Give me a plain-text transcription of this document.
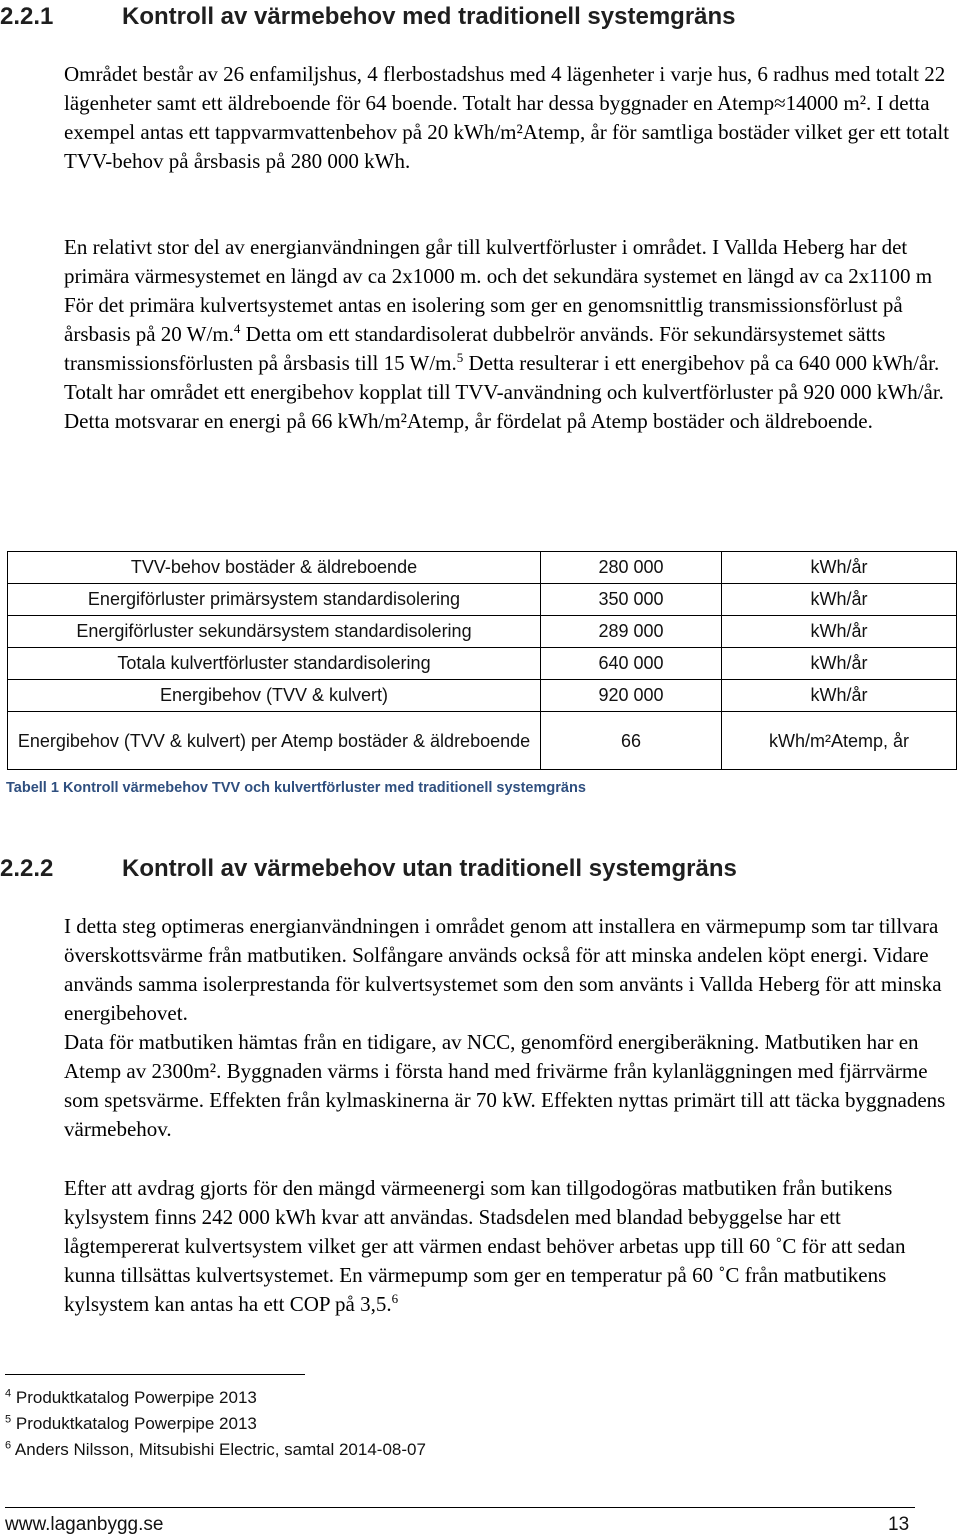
2.2.1	Kontroll av värmebehov med traditionell systemgräns

Området består av 26 enfamiljshus, 4 flerbostadshus med 4 lägenheter i varje hus, 6 radhus med totalt 22 lägenheter samt ett äldreboende för 64 boende. Totalt har dessa byggnader en Atemp≈14000 m². I detta exempel antas ett tappvarmvattenbehov på 20 kWh/m²Atemp, år för samtliga bostäder vilket ger ett totalt TVV-behov på årsbasis på 280 000 kWh.

En relativt stor del av energianvändningen går till kulvertförluster i området. I Vallda Heberg har det primära värmesystemet en längd av ca 2x1000 m. och det sekundära systemet en längd av ca 2x1100 m För det primära kulvertsystemet antas en isolering som ger en genomsnittlig transmissionsförlust på årsbasis på 20 W/m.$^4$ Detta om ett standardisolerat dubbelrör används. För sekundärsystemet sätts transmissionsförlusten på årsbasis till 15 W/m.$^5$ Detta resulterar i ett energibehov på ca 640 000 kWh/år.

Totalt har området ett energibehov kopplat till TVV-användning och kulvertförluster på 920 000 kWh/år.

Detta motsvarar en energi på 66 kWh/m²Atemp, år fördelat på Atemp bostäder och äldreboende.

TVV-behov bostäder & äldreboende	280 000	kWh/år
Energiförluster primärsystem standardisolering	350 000	kWh/år
Energiförluster sekundärsystem standardisolering	289 000	kWh/år
Totala kulvertförluster standardisolering	640 000	kWh/år
Energibehov (TVV & kulvert)	920 000	kWh/år
Energibehov (TVV & kulvert) per Atemp bostäder & äldreboende	66	kWh/m²Atemp, år
Tabell 1 Kontroll värmebehov TVV och kulvertförluster med traditionell systemgräns
2.2.2	Kontroll av värmebehov utan traditionell systemgräns

I detta steg optimeras energianvändningen i området genom att installera en värmepump som tar tillvara överskottsvärme från matbutiken. Solfångare används också för att minska andelen köpt energi. Vidare används samma isolerprestanda för kulvertsystemet som den som använts i Vallda Heberg för att minska energibehovet.

Data för matbutiken hämtas från en tidigare, av NCC, genomförd energiberäkning. Matbutiken har en Atemp av 2300m². Byggnaden värms i första hand med frivärme från kylanläggningen med fjärrvärme som spetsvärme. Effekten från kylmaskinerna är 70 kW. Effekten nyttas primärt till att täcka byggnadens värmebehov.

Efter att avdrag gjorts för den mängd värmeenergi som kan tillgodogöras matbutiken från butikens kylsystem finns 242 000 kWh kvar att användas. Stadsdelen med blandad bebyggelse har ett lågtempererat kulvertsystem vilket ger att värmen endast behöver arbetas upp till 60 ˚C för att sedan kunna tillsättas kulvertsystemet. En värmepump som ger en temperatur på 60 ˚C från matbutikens kylsystem kan antas ha ett COP på 3,5.$^6$

$^4$ Produktkatalog Powerpipe 2013
$^5$ Produktkatalog Powerpipe 2013
$^6$ Anders Nilsson, Mitsubishi Electric, samtal 2014-08-07
www.laganbygg.se	13
